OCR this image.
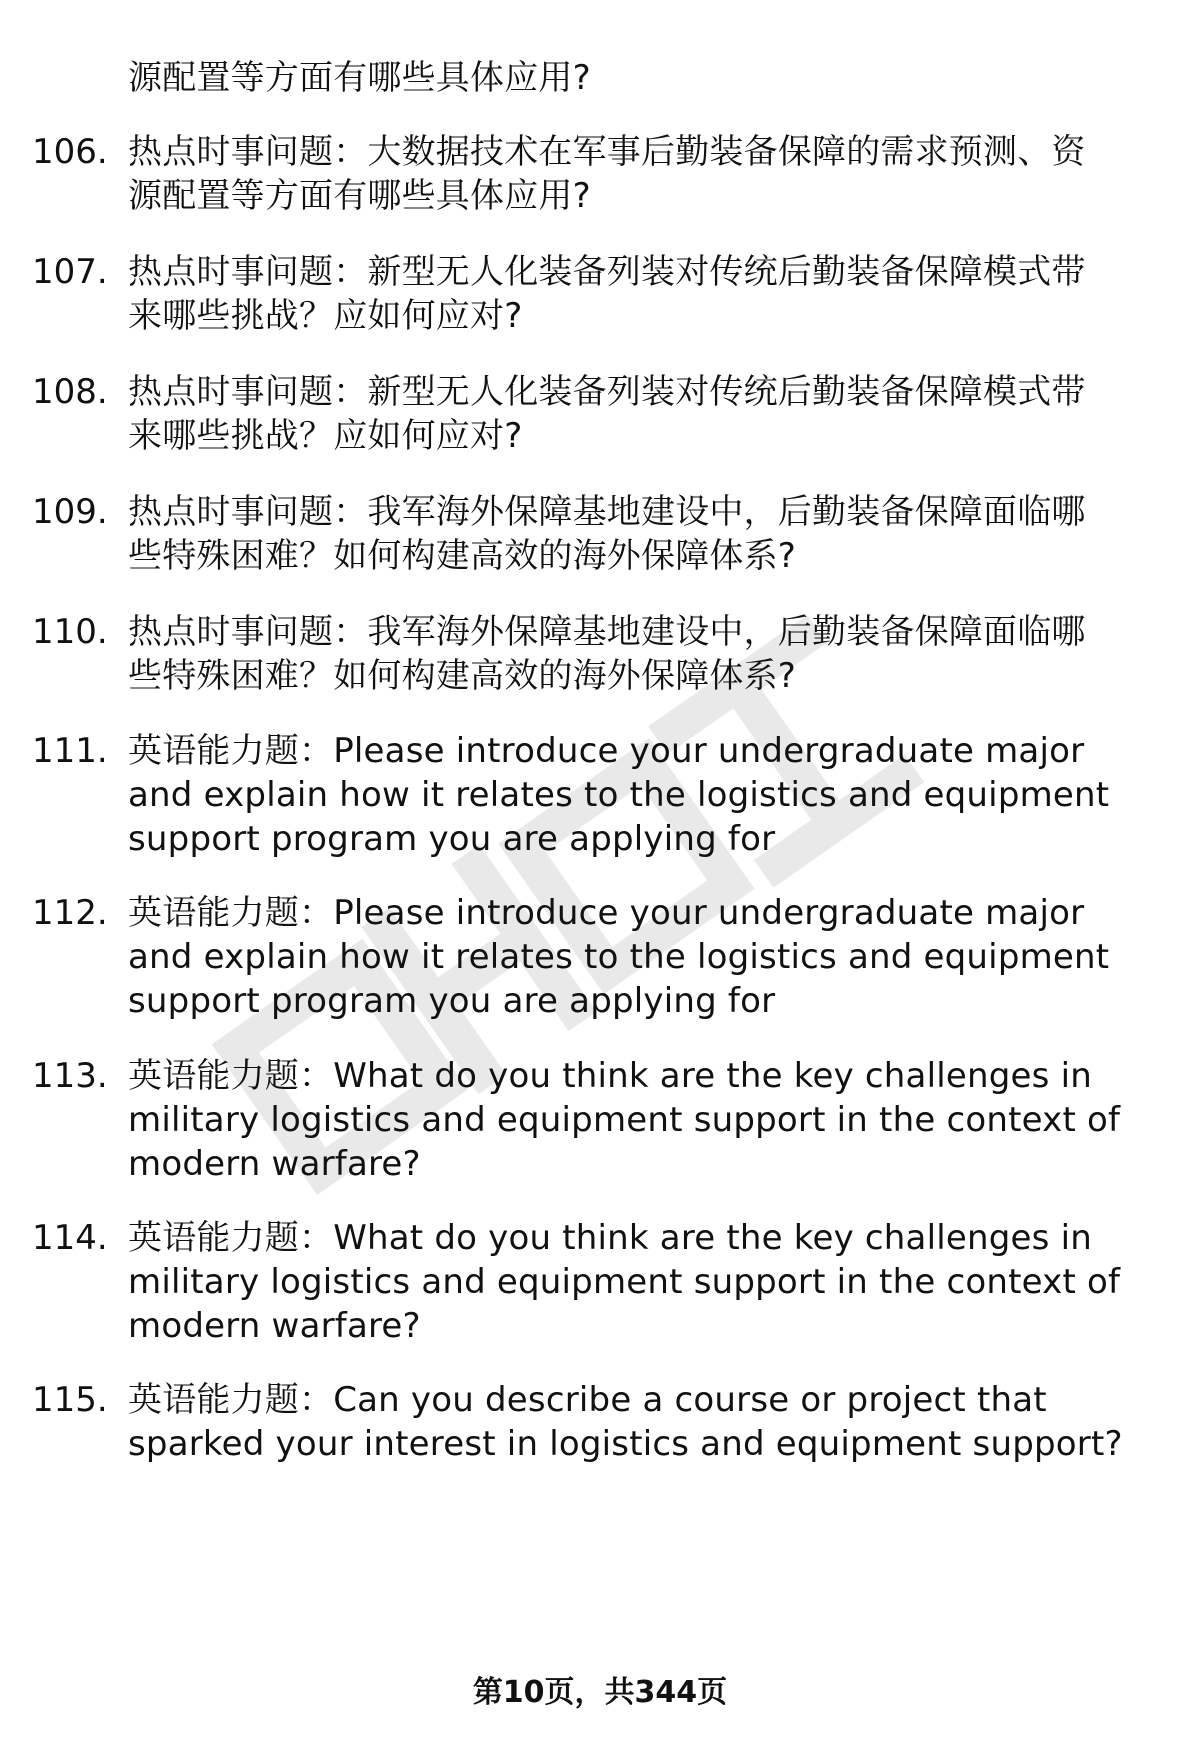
源配置等方面有哪些具体应用?
106. 热点时事问题：大数据技术在军事后勤装备保障的需求预测、资
源配置等方面有哪些具体应用?
107. 热点时事问题：新型无人化装备列装对传统后勤装备保障模式带
来哪些挑战？应如何应对?
108. 热点时事问题：新型无人化装备列装对传统后勤装备保障模式带
来哪些挑战？应如何应对?
109. 热点时事问题：我军海外保障基地建设中，后勤装备保障面临哪
些特殊困难？如何构建高效的海外保障体系?
110. 热点时事问题：我军海外保障基地建设中，后勤装备保障面临哪
些特殊困难？如何构建高效的海外保障体系?
111. 英语能力题：Please introduce your undergraduate major
and explain how it relates to the logistics and equipment
support program you are applying for
112. 英语能力题：Please introduce your undergraduate major
and explain how it relates to the logistics and equipment
support program you are applying for
113. 英语能力题：What do you think are the key challenges in
military logistics and equipment support in the context of
modern warfare?
114. 英语能力题：What do you think are the key challenges in
military logistics and equipment support in the context of
modern warfare?
115. 英语能力题：Can you describe a course or project that
sparked your interest in logistics and equipment support?
第10页，共344页
